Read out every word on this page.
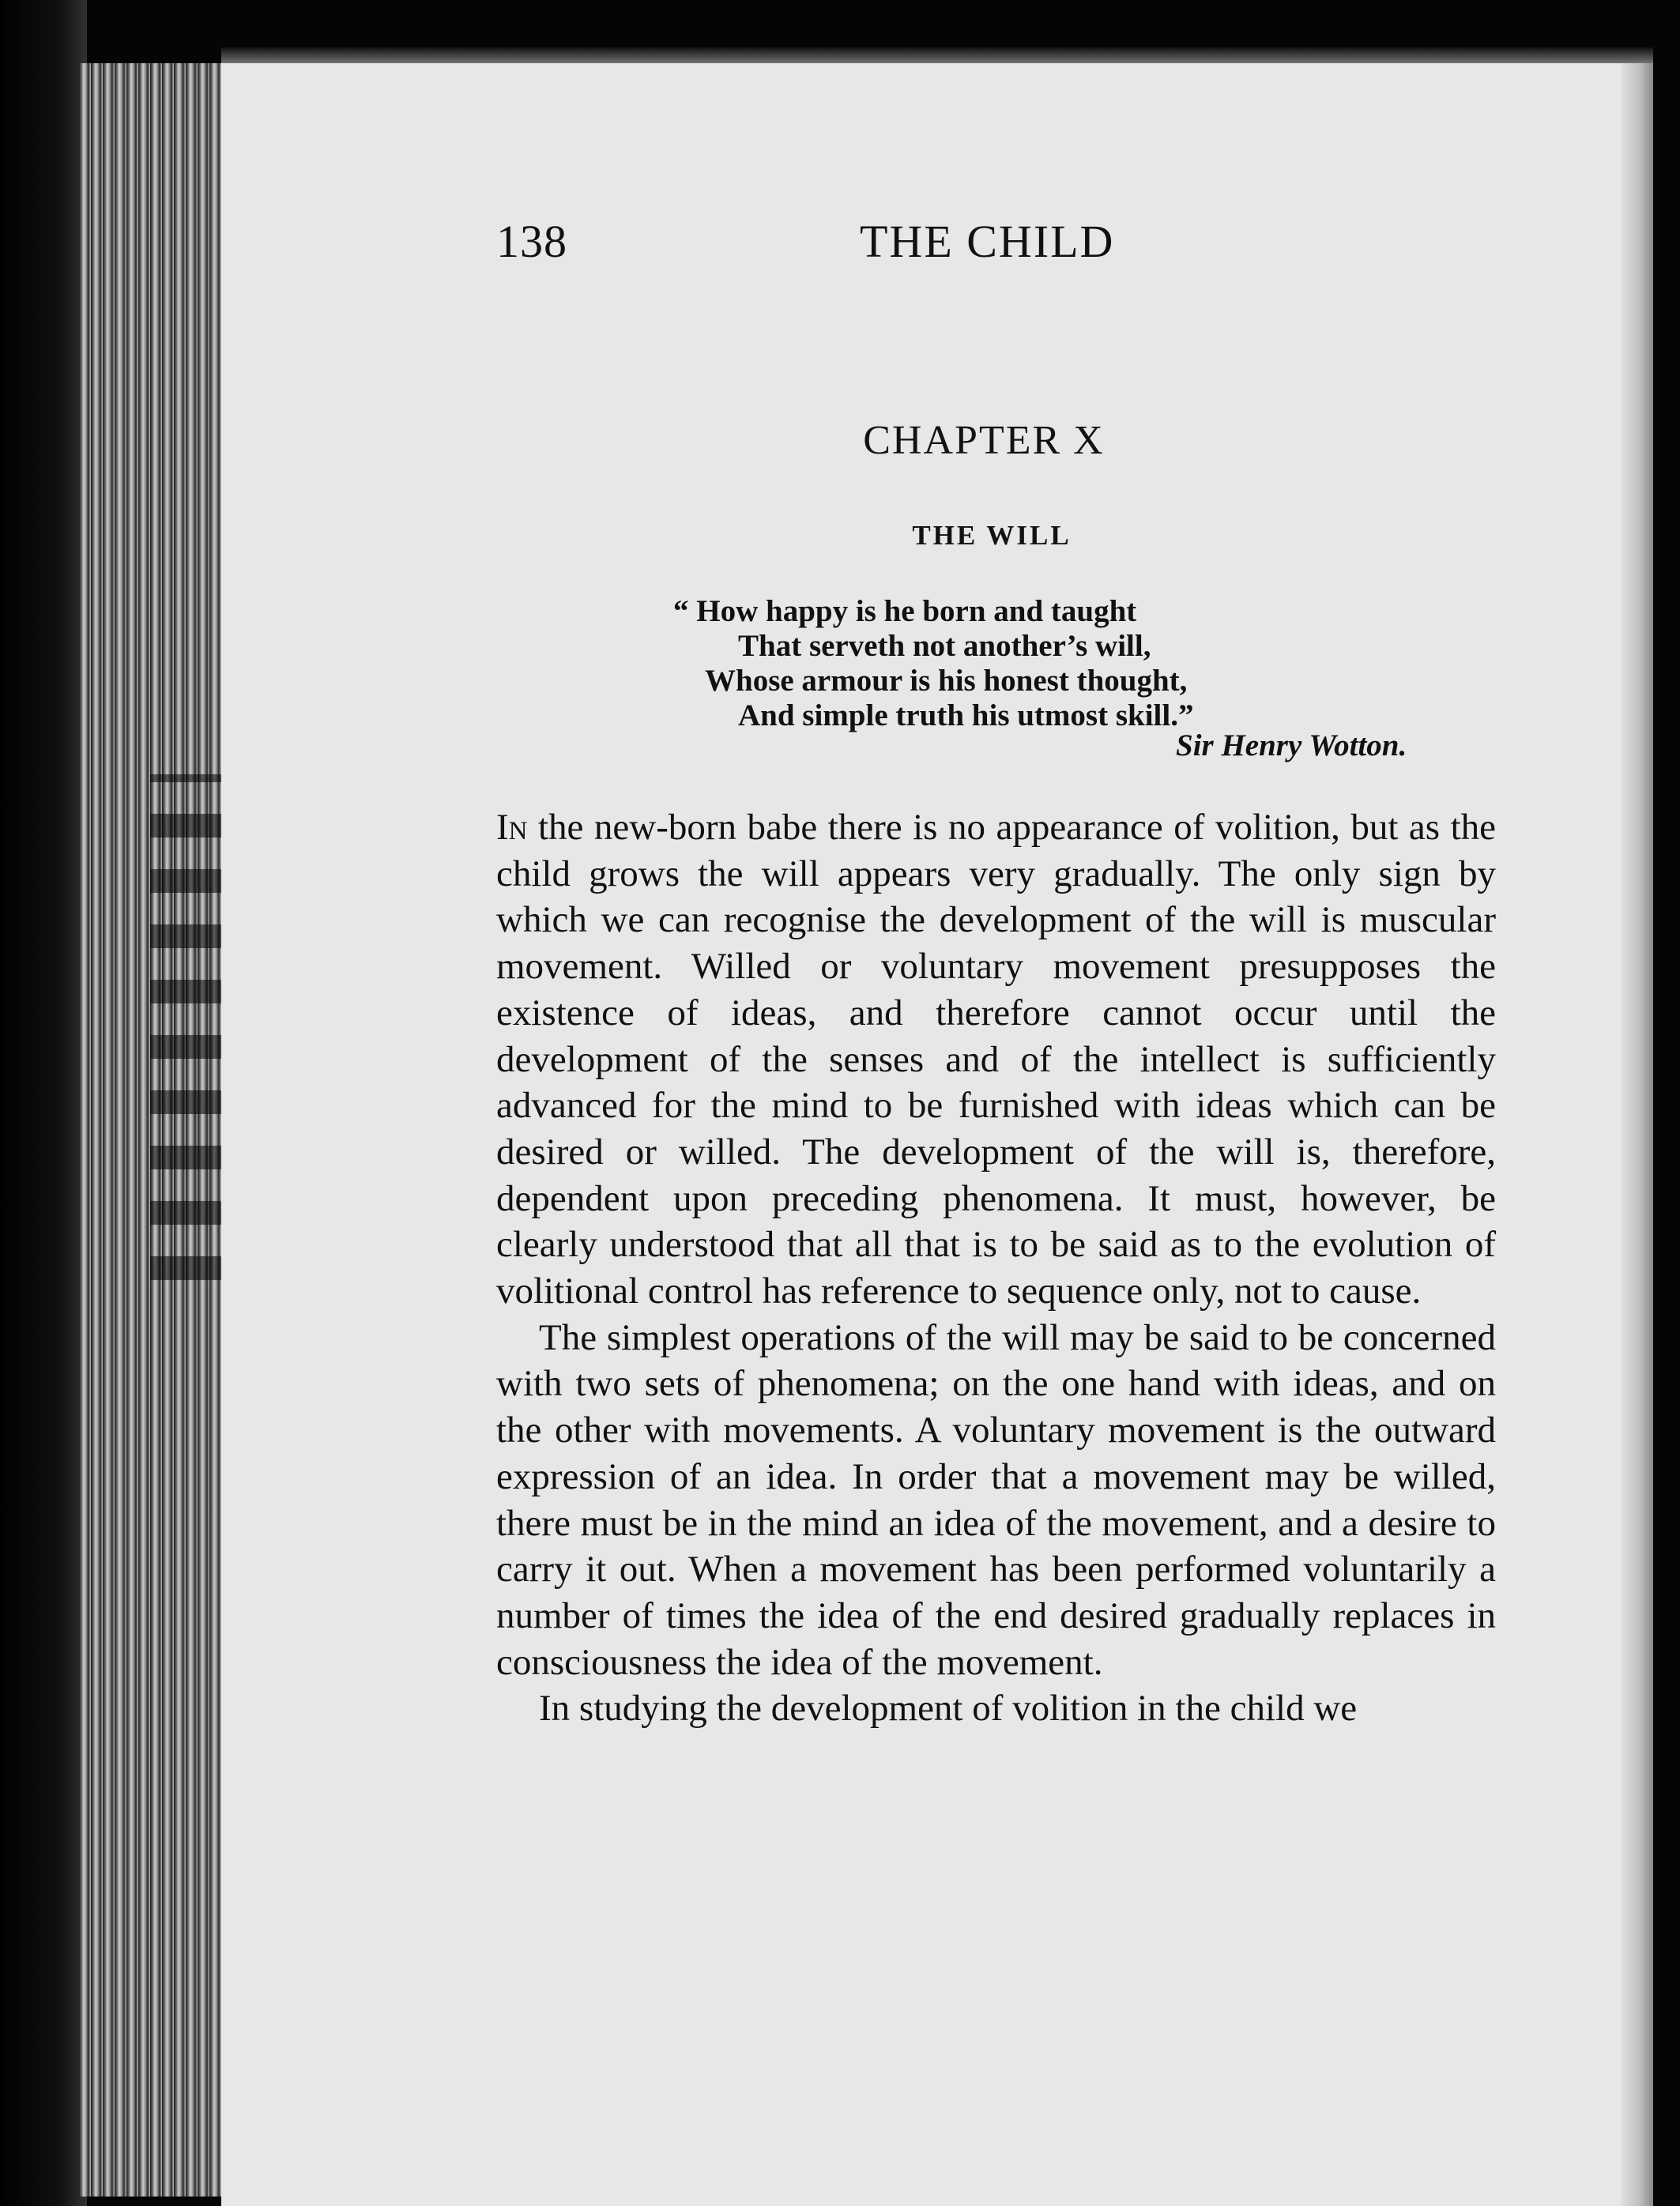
138	THE CHILD
CHAPTER X
THE WILL
“ How happy is he born and taught
That serveth not another’s will,
Whose armour is his honest thought,
And simple truth his utmost skill.”
Sir Henry Wotton.

In the new-born babe there is no appearance of volition, but as the child grows the will appears very gradually. The only sign by which we can recognise the development of the will is muscular movement. Willed or voluntary movement presupposes the existence of ideas, and therefore cannot occur until the development of the senses and of the intellect is sufficiently advanced for the mind to be furnished with ideas which can be desired or willed. The development of the will is, therefore, dependent upon preceding phenomena. It must, however, be clearly understood that all that is to be said as to the evolution of volitional control has reference to sequence only, not to cause.

The simplest operations of the will may be said to be concerned with two sets of phenomena; on the one hand with ideas, and on the other with movements. A voluntary movement is the outward expression of an idea. In order that a movement may be willed, there must be in the mind an idea of the movement, and a desire to carry it out. When a movement has been performed voluntarily a number of times the idea of the end desired gradually replaces in consciousness the idea of the movement.

In studying the development of volition in the child we
